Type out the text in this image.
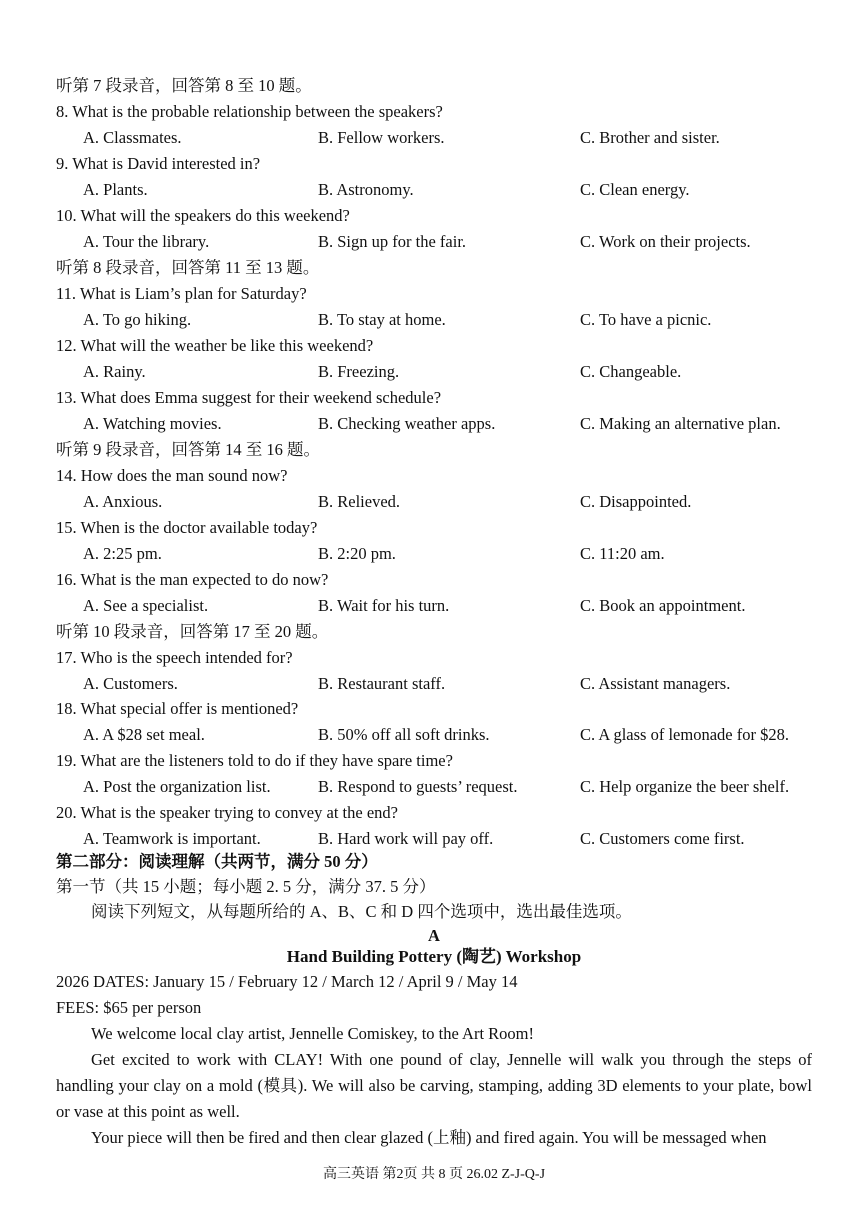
听第 7 段录音，回答第 8 至 10 题。
8. What is the probable relationship between the speakers?
A. Classmates.	B. Fellow workers.	C. Brother and sister.
9. What is David interested in?
A. Plants.	B. Astronomy.	C. Clean energy.
10. What will the speakers do this weekend?
A. Tour the library.	B. Sign up for the fair.	C. Work on their projects.
听第 8 段录音，回答第 11 至 13 题。
11. What is Liam’s plan for Saturday?
A. To go hiking.	B. To stay at home.	C. To have a picnic.
12. What will the weather be like this weekend?
A. Rainy.	B. Freezing.	C. Changeable.
13. What does Emma suggest for their weekend schedule?
A. Watching movies.	B. Checking weather apps.	C. Making an alternative plan.
听第 9 段录音，回答第 14 至 16 题。
14. How does the man sound now?
A. Anxious.	B. Relieved.	C. Disappointed.
15. When is the doctor available today?
A. 2:25 pm.	B. 2:20 pm.	C. 11:20 am.
16. What is the man expected to do now?
A. See a specialist.	B. Wait for his turn.	C. Book an appointment.
听第 10 段录音，回答第 17 至 20 题。
17. Who is the speech intended for?
A. Customers.	B. Restaurant staff.	C. Assistant managers.
18. What special offer is mentioned?
A. A $28 set meal.	B. 50% off all soft drinks.	C. A glass of lemonade for $28.
19. What are the listeners told to do if they have spare time?
A. Post the organization list.	B. Respond to guests’ request.	C. Help organize the beer shelf.
20. What is the speaker trying to convey at the end?
A. Teamwork is important.	B. Hard work will pay off.	C. Customers come first.
第二部分：阅读理解（共两节，满分 50 分）
第一节（共 15 小题；每小题 2. 5 分，满分 37. 5 分）
阅读下列短文，从每题所给的 A、B、C 和 D 四个选项中，选出最佳选项。
A
Hand Building Pottery (陶艺) Workshop
2026 DATES: January 15 / February 12 / March 12 / April 9 / May 14
FEES: $65 per person
We welcome local clay artist, Jennelle Comiskey, to the Art Room!
Get excited to work with CLAY! With one pound of clay, Jennelle will walk you through the steps of handling your clay on a mold (模具). We will also be carving, stamping, adding 3D elements to your plate, bowl or vase at this point as well.
Your piece will then be fired and then clear glazed (上釉) and fired again. You will be messaged when
高三英语 第2页 共 8 页 26.02 Z-J-Q-J
